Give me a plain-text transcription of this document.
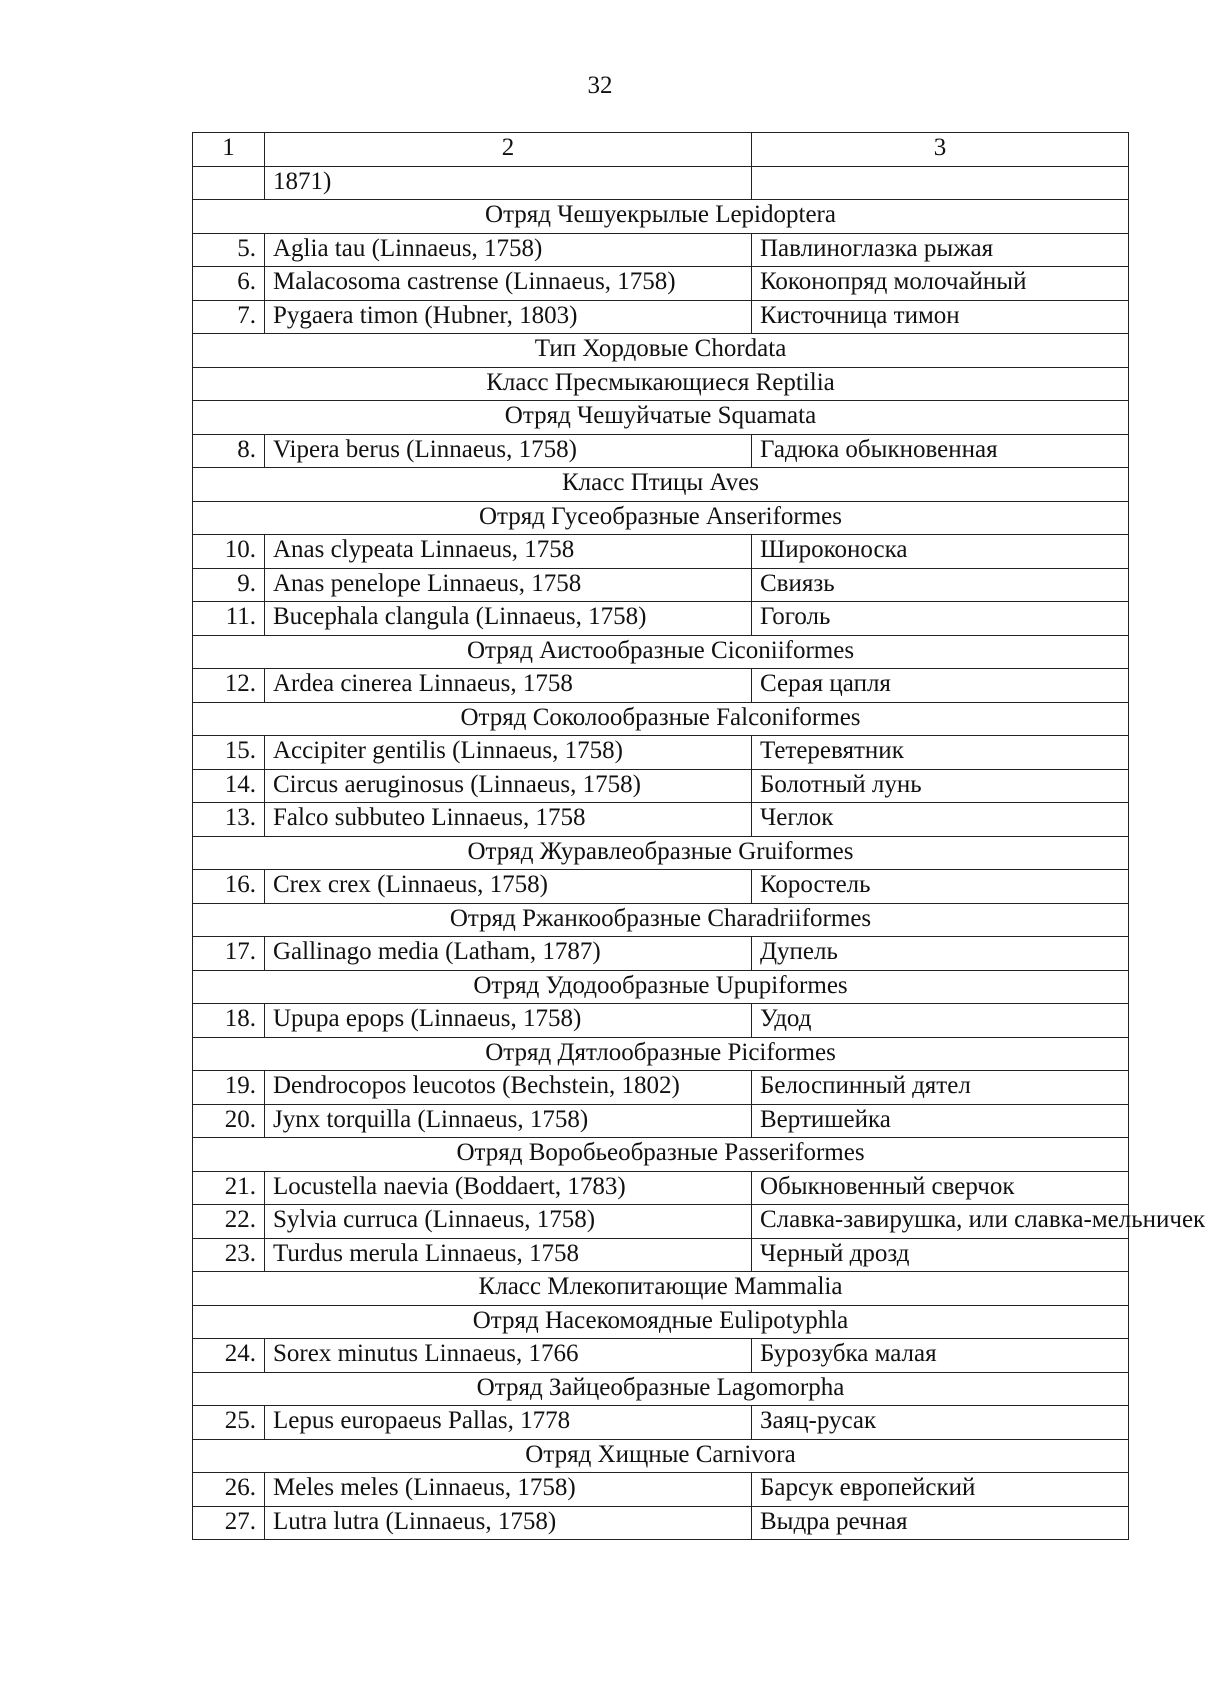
32
1	2	3
	1871)	
Отряд Чешуекрылые Lepidoptera		
5.	Aglia tau (Linnaeus, 1758)	Павлиноглазка рыжая
6.	Malacosoma castrense (Linnaeus, 1758)	Коконопряд молочайный
7.	Pygaera timon (Hubner, 1803)	Кисточница тимон
Тип Хордовые Chordata		
Класс Пресмыкающиеся Reptilia		
Отряд Чешуйчатые Squamata		
8.	Vipera berus (Linnaeus, 1758)	Гадюка обыкновенная
Класс Птицы Aves		
Отряд Гусеобразные Anseriformes		
10.	Anas clypeata Linnaeus, 1758	Широконоска
9.	Anas penelope Linnaeus, 1758	Свиязь
11.	Bucephala clangula (Linnaeus, 1758)	Гоголь
Отряд Аистообразные Ciconiiformes		
12.	Ardea cinerea Linnaeus, 1758	Серая цапля
Отряд Соколообразные Falconiformes		
15.	Accipiter gentilis (Linnaeus, 1758)	Тетеревятник
14.	Circus aeruginosus (Linnaeus, 1758)	Болотный лунь
13.	Falco subbuteo Linnaeus, 1758	Чеглок
Отряд Журавлеобразные Gruiformes		
16.	Crex crex (Linnaeus, 1758)	Коростель
Отряд Ржанкообразные Charadriiformes		
17.	Gallinago media (Latham, 1787)	Дупель
Отряд Удодообразные Upupiformes		
18.	Upupa epops (Linnaeus, 1758)	Удод
Отряд Дятлообразные Piciformes		
19.	Dendrocopos leucotos (Bechstein, 1802)	Белоспинный дятел
20.	Jynx torquilla (Linnaeus, 1758)	Вертишейка
Отряд Воробьеобразные Passeriformes		
21.	Locustella naevia (Boddaert, 1783)	Обыкновенный сверчок
22.	Sylvia curruca (Linnaeus, 1758)	Славка-завирушка, или славка-мельничек
23.	Turdus merula Linnaeus, 1758	Черный дрозд
Класс Млекопитающие Mammalia		
Отряд Насекомоядные Eulipotyphla		
24.	Sorex minutus Linnaeus, 1766	Бурозубка малая
Отряд Зайцеобразные Lagomorpha		
25.	Lepus europaeus Pallas, 1778	Заяц-русак
Отряд Хищные Carnivora		
26.	Meles meles (Linnaeus, 1758)	Барсук европейский
27.	Lutra lutra (Linnaeus, 1758)	Выдра речная
